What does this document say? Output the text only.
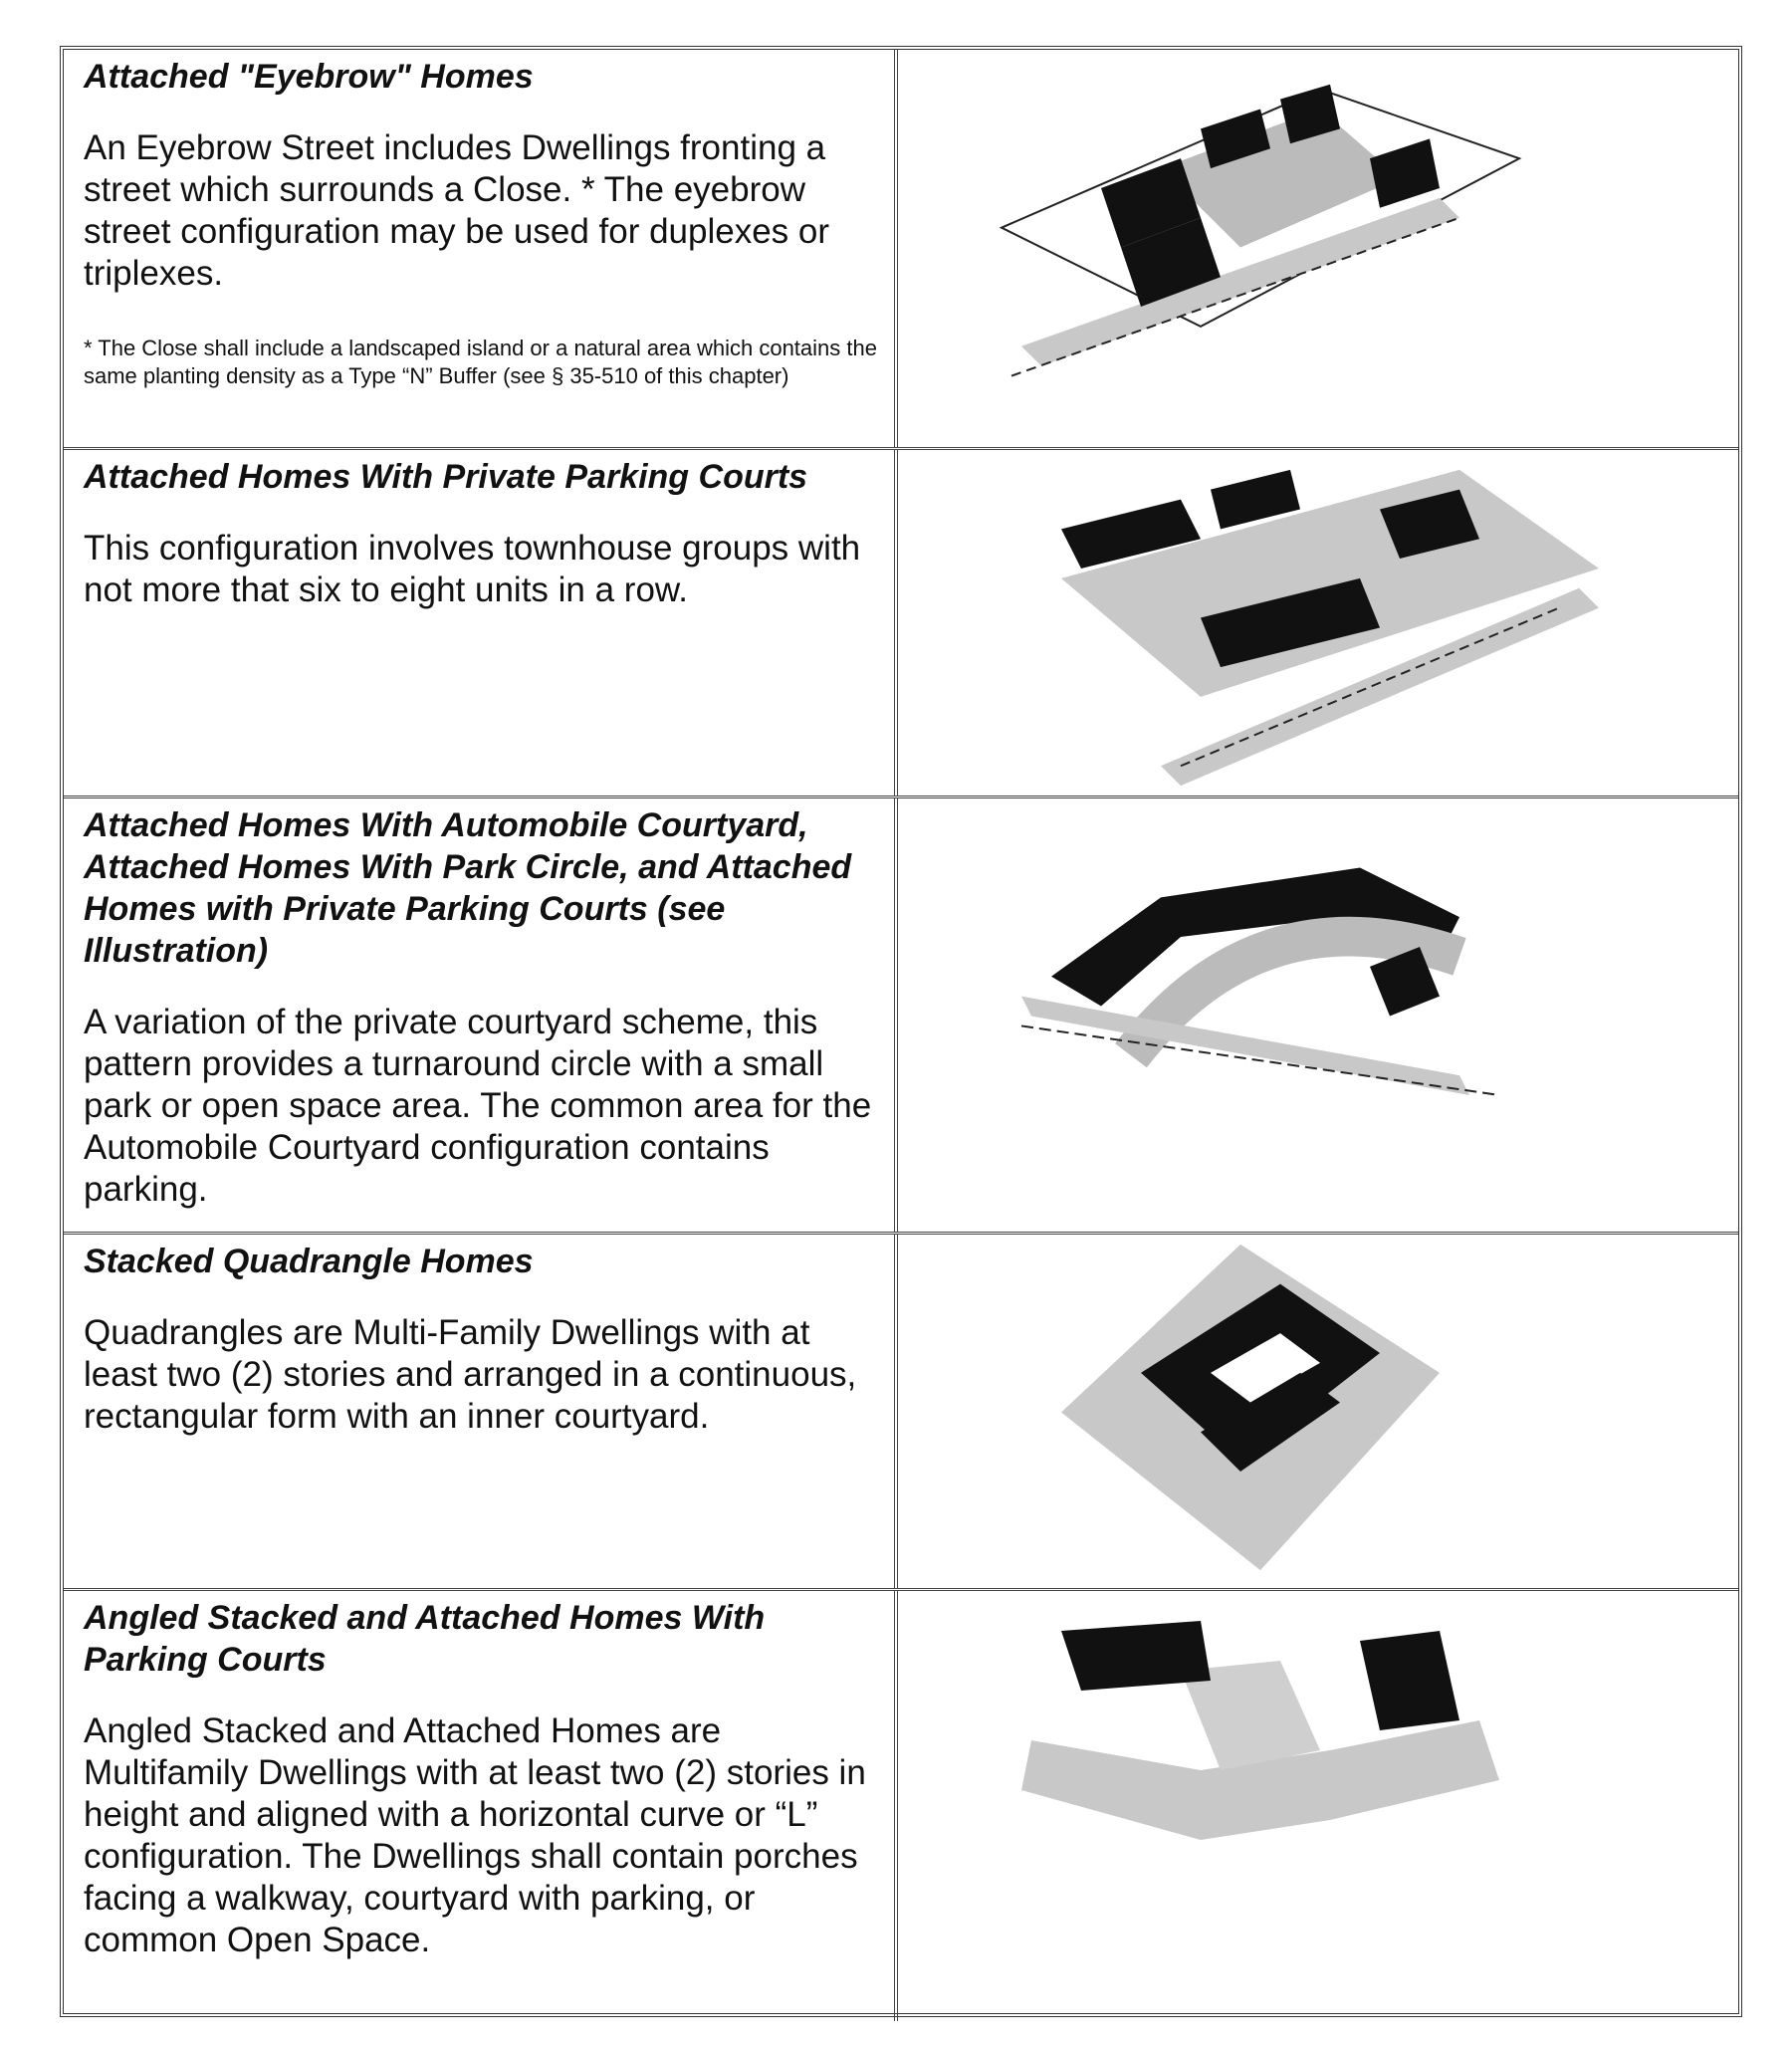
Attached "Eyebrow" Homes

An Eyebrow Street includes Dwellings fronting a street which surrounds a Close. * The eyebrow street configuration may be used for duplexes or triplexes.

* The Close shall include a landscaped island or a natural area which contains the same planting density as a Type “N” Buffer (see § 35-510 of this chapter)

Attached Homes With Private Parking Courts

This configuration involves townhouse groups with not more that six to eight units in a row.

Attached Homes With Automobile Courtyard, Attached Homes With Park Circle, and Attached Homes with Private Parking Courts (see Illustration)

A variation of the private courtyard scheme, this pattern provides a turnaround circle with a small park or open space area. The common area for the Automobile Courtyard configuration contains parking.

Stacked Quadrangle Homes

Quadrangles are Multi-Family Dwellings with at least two (2) stories and arranged in a continuous, rectangular form with an inner courtyard.

Angled Stacked and Attached Homes With Parking Courts

Angled Stacked and Attached Homes are Multifamily Dwellings with at least two (2) stories in height and aligned with a horizontal curve or “L” configuration. The Dwellings shall contain porches facing a walkway, courtyard with parking, or common Open Space.
